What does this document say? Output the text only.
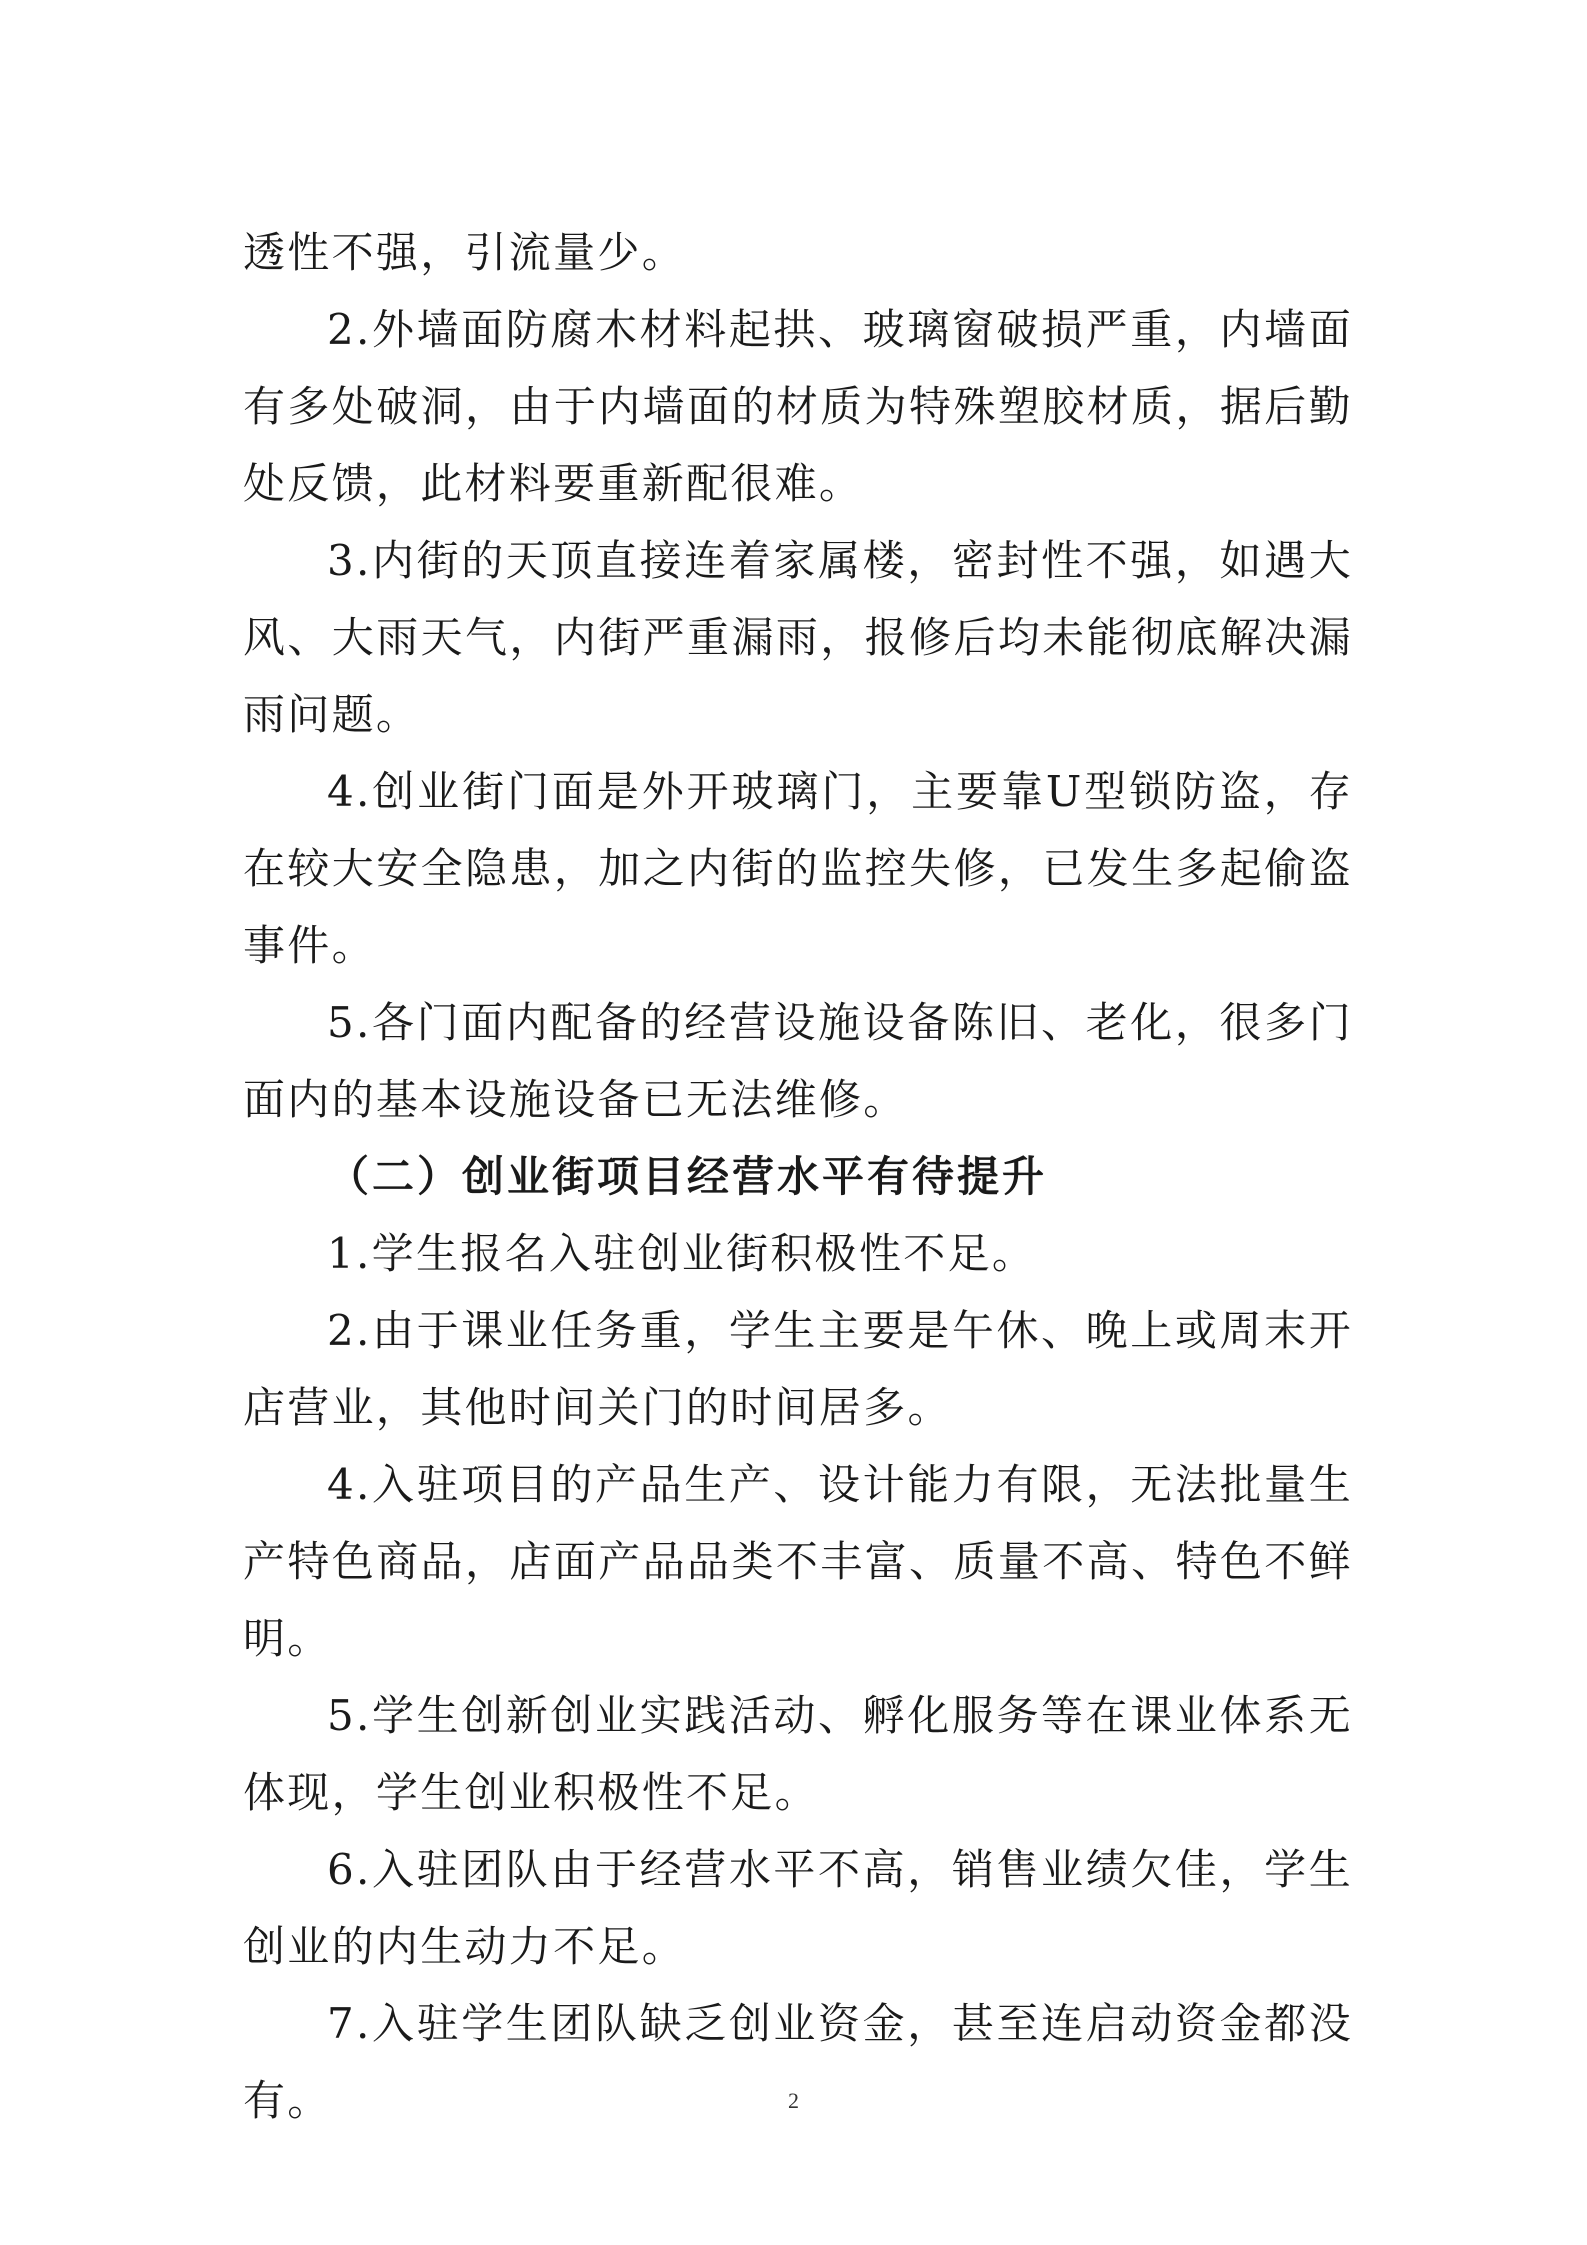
透性不强，引流量少。

2.外墙面防腐木材料起拱、玻璃窗破损严重，内墙面有多处破洞，由于内墙面的材质为特殊塑胶材质，据后勤处反馈，此材料要重新配很难。

3.内街的天顶直接连着家属楼，密封性不强，如遇大风、大雨天气，内街严重漏雨，报修后均未能彻底解决漏雨问题。

4.创业街门面是外开玻璃门，主要靠U型锁防盗，存在较大安全隐患，加之内街的监控失修，已发生多起偷盗事件。

5.各门面内配备的经营设施设备陈旧、老化，很多门面内的基本设施设备已无法维修。

（二）创业街项目经营水平有待提升

1.学生报名入驻创业街积极性不足。

2.由于课业任务重，学生主要是午休、晚上或周末开店营业，其他时间关门的时间居多。

4.入驻项目的产品生产、设计能力有限，无法批量生产特色商品，店面产品品类不丰富、质量不高、特色不鲜明。

5.学生创新创业实践活动、孵化服务等在课业体系无体现，学生创业积极性不足。

6.入驻团队由于经营水平不高，销售业绩欠佳，学生创业的内生动力不足。

7.入驻学生团队缺乏创业资金，甚至连启动资金都没有。	2
